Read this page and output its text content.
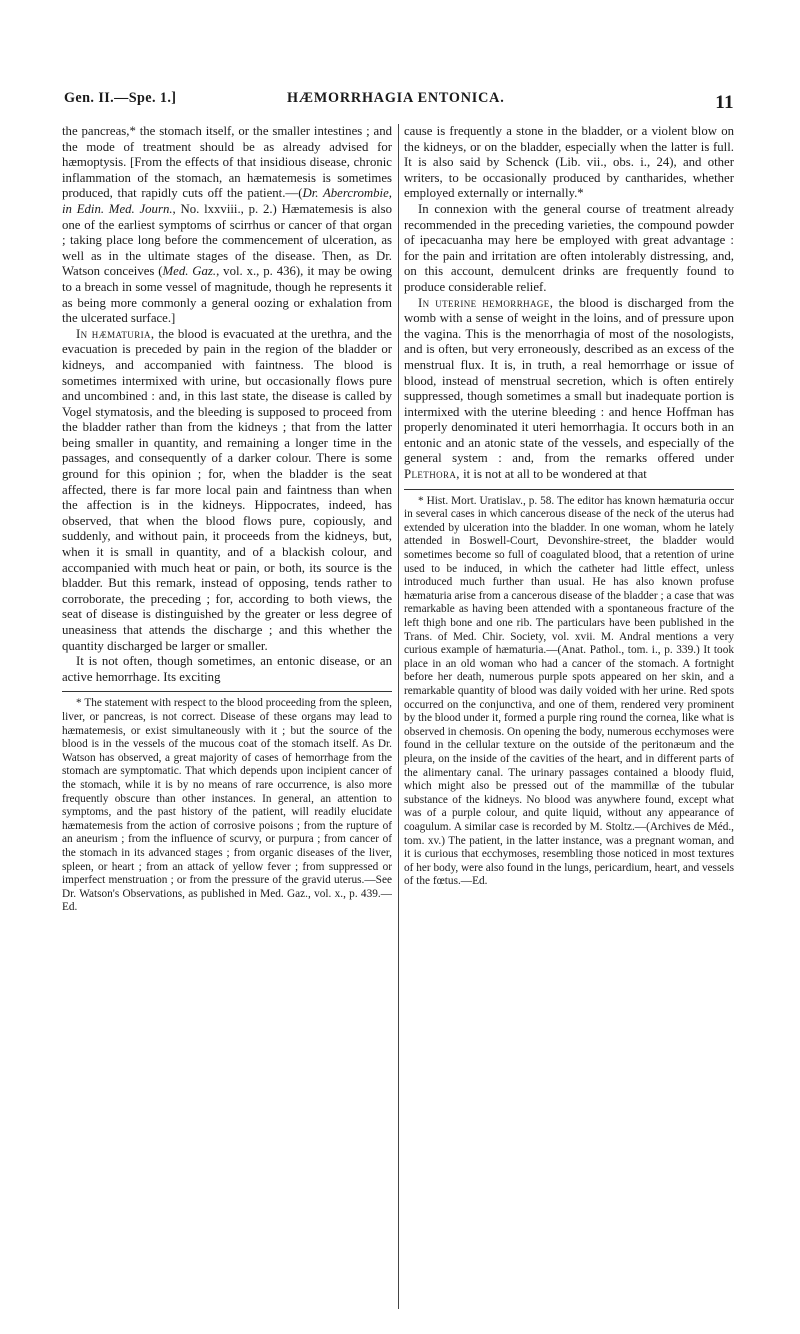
Gen. II.—Spe. 1.]	HÆMORRHAGIA ENTONICA.	11

the pancreas,* the stomach itself, or the smaller intestines ; and the mode of treatment should be as already advised for hæmoptysis. [From the effects of that insidious disease, chronic inflammation of the stomach, an hæmatemesis is sometimes produced, that rapidly cuts off the patient.—(Dr. Abercrombie, in Edin. Med. Journ., No. lxxviii., p. 2.) Hæmatemesis is also one of the earliest symptoms of scirrhus or cancer of that organ ; taking place long before the commencement of ulceration, as well as in the ultimate stages of the disease. Then, as Dr. Watson conceives (Med. Gaz., vol. x., p. 436), it may be owing to a breach in some vessel of magnitude, though he represents it as being more commonly a general oozing or exhalation from the ulcerated surface.]

In hæmaturia, the blood is evacuated at the urethra, and the evacuation is preceded by pain in the region of the bladder or kidneys, and accompanied with faintness. The blood is sometimes intermixed with urine, but occasionally flows pure and uncombined : and, in this last state, the disease is called by Vogel stymatosis, and the bleeding is supposed to proceed from the bladder rather than from the kidneys ; that from the latter being smaller in quantity, and remaining a longer time in the passages, and consequently of a darker colour. There is some ground for this opinion ; for, when the bladder is the seat affected, there is far more local pain and faintness than when the affection is in the kidneys. Hippocrates, indeed, has observed, that when the blood flows pure, copiously, and suddenly, and without pain, it proceeds from the kidneys, but, when it is small in quantity, and of a blackish colour, and accompanied with much heat or pain, or both, its source is the bladder. But this remark, instead of opposing, tends rather to corroborate, the preceding ; for, according to both views, the seat of disease is distinguished by the greater or less degree of uneasiness that attends the discharge ; and this whether the quantity discharged be larger or smaller.

It is not often, though sometimes, an entonic disease, or an active hemorrhage. Its exciting

* The statement with respect to the blood proceeding from the spleen, liver, or pancreas, is not correct. Disease of these organs may lead to hæmatemesis, or exist simultaneously with it ; but the source of the blood is in the vessels of the mucous coat of the stomach itself. As Dr. Watson has observed, a great majority of cases of hemorrhage from the stomach are symptomatic. That which depends upon incipient cancer of the stomach, while it is by no means of rare occurrence, is also more frequently obscure than other instances. In general, an attention to symptoms, and the past history of the patient, will readily elucidate hæmatemesis from the action of corrosive poisons ; from the rupture of an aneurism ; from the influence of scurvy, or purpura ; from cancer of the stomach in its advanced stages ; from organic diseases of the liver, spleen, or heart ; from an attack of yellow fever ; from suppressed or imperfect menstruation ; or from the pressure of the gravid uterus.—See Dr. Watson's Observations, as published in Med. Gaz., vol. x., p. 439.—Ed.

cause is frequently a stone in the bladder, or a violent blow on the kidneys, or on the bladder, especially when the latter is full. It is also said by Schenck (Lib. vii., obs. i., 24), and other writers, to be occasionally produced by cantharides, whether employed externally or internally.*

In connexion with the general course of treatment already recommended in the preceding varieties, the compound powder of ipecacuanha may here be employed with great advantage : for the pain and irritation are often intolerably distressing, and, on this account, demulcent drinks are frequently found to produce considerable relief.

In uterine hemorrhage, the blood is discharged from the womb with a sense of weight in the loins, and of pressure upon the vagina. This is the menorrhagia of most of the nosologists, and is often, but very erroneously, described as an excess of the menstrual flux. It is, in truth, a real hemorrhage or issue of blood, instead of menstrual secretion, which is often entirely suppressed, though sometimes a small but inadequate portion is intermixed with the uterine bleeding : and hence Hoffman has properly denominated it uteri hemorrhagia. It occurs both in an entonic and an atonic state of the vessels, and especially of the general system : and, from the remarks offered under Plethora, it is not at all to be wondered at that

* Hist. Mort. Uratislav., p. 58. The editor has known hæmaturia occur in several cases in which cancerous disease of the neck of the uterus had extended by ulceration into the bladder. In one woman, whom he lately attended in Boswell-Court, Devonshire-street, the bladder would sometimes become so full of coagulated blood, that a retention of urine used to be induced, in which the catheter had little effect, unless introduced much further than usual. He has also known profuse hæmaturia arise from a cancerous disease of the bladder ; a case that was remarkable as having been attended with a spontaneous fracture of the left thigh bone and one rib. The particulars have been published in the Trans. of Med. Chir. Society, vol. xvii. M. Andral mentions a very curious example of hæmaturia.—(Anat. Pathol., tom. i., p. 339.) It took place in an old woman who had a cancer of the stomach. A fortnight before her death, numerous purple spots appeared on her skin, and a remarkable quantity of blood was daily voided with her urine. Red spots occurred on the conjunctiva, and one of them, rendered very prominent by the blood under it, formed a purple ring round the cornea, like what is observed in chemosis. On opening the body, numerous ecchymoses were found in the cellular texture on the outside of the peritonæum and the pleura, on the inside of the cavities of the heart, and in different parts of the alimentary canal. The urinary passages contained a bloody fluid, which might also be pressed out of the mammillæ of the tubular substance of the kidneys. No blood was anywhere found, except what was of a purple colour, and quite liquid, without any appearance of coagulum. A similar case is recorded by M. Stoltz.—(Archives de Méd., tom. xv.) The patient, in the latter instance, was a pregnant woman, and it is curious that ecchymoses, resembling those noticed in most textures of her body, were also found in the lungs, pericardium, heart, and vessels of the fœtus.—Ed.
